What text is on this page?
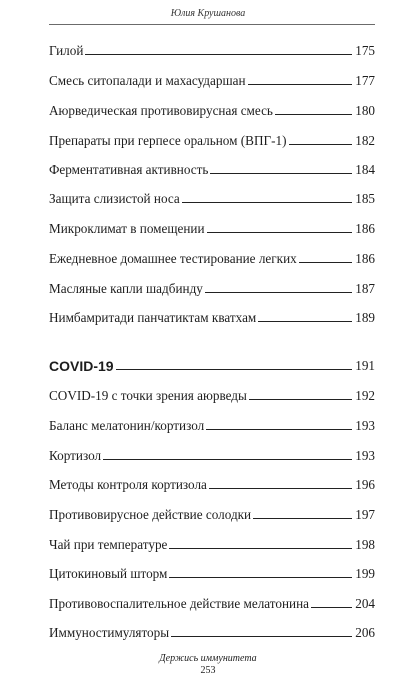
Юлия Крушанова
Гилой	175
Смесь ситопалади и махасударшан	177
Аюрведическая противовирусная смесь	180
Препараты при герпесе оральном (ВПГ-1)	182
Ферментативная активность	184
Защита слизистой носа	185
Микроклимат в помещении	186
Ежедневное домашнее тестирование легких	186
Масляные капли шадбинду	187
Нимбамритади панчатиктам кватхам	189
COVID-19	191
COVID-19 с точки зрения аюрведы	192
Баланс мелатонин/кортизол	193
Кортизол	193
Методы контроля кортизола	196
Противовирусное действие солодки	197
Чай при температуре	198
Цитокиновый шторм	199
Противовоспалительное действие мелатонина	204
Иммуностимуляторы	206
Держись иммунитета
253
